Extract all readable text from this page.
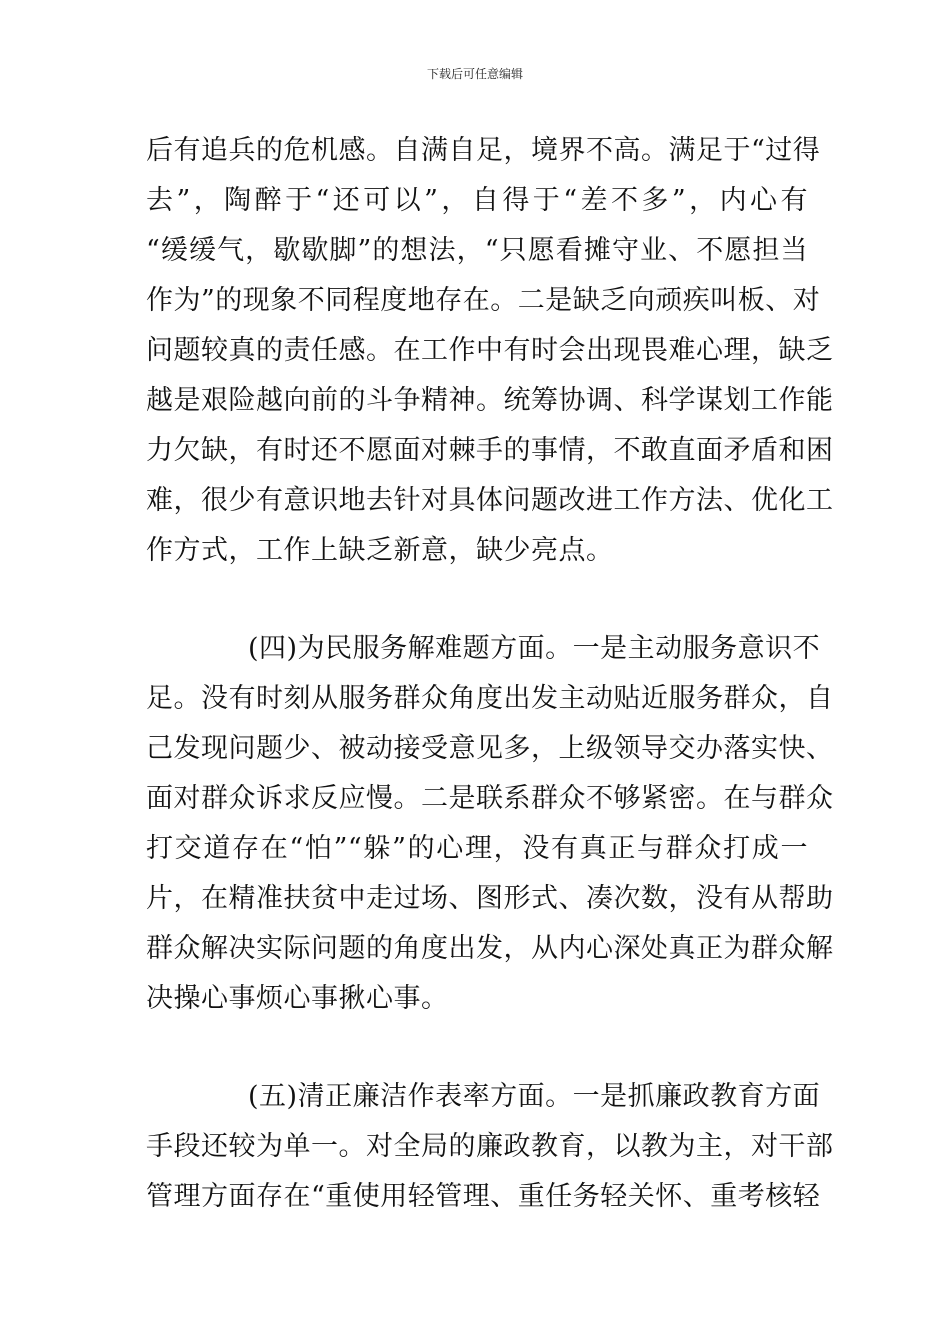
下载后可任意编辑
后有追兵的危机感。自满自足，境界不高。满足于“过得
去”，陶醉于“还可以”，自得于“差不多”，内心有
“缓缓气，歇歇脚”的想法，“只愿看摊守业、不愿担当
作为”的现象不同程度地存在。二是缺乏向顽疾叫板、对
问题较真的责任感。在工作中有时会出现畏难心理，缺乏
越是艰险越向前的斗争精神。统筹协调、科学谋划工作能
力欠缺，有时还不愿面对棘手的事情，不敢直面矛盾和困
难，很少有意识地去针对具体问题改进工作方法、优化工
作方式，工作上缺乏新意，缺少亮点。
(四)为民服务解难题方面。一是主动服务意识不
足。没有时刻从服务群众角度出发主动贴近服务群众，自
己发现问题少、被动接受意见多，上级领导交办落实快、
面对群众诉求反应慢。二是联系群众不够紧密。在与群众
打交道存在“怕”“躲”的心理，没有真正与群众打成一
片，在精准扶贫中走过场、图形式、凑次数，没有从帮助
群众解决实际问题的角度出发，从内心深处真正为群众解
决操心事烦心事揪心事。
(五)清正廉洁作表率方面。一是抓廉政教育方面
手段还较为单一。对全局的廉政教育，以教为主，对干部
管理方面存在“重使用轻管理、重任务轻关怀、重考核轻
